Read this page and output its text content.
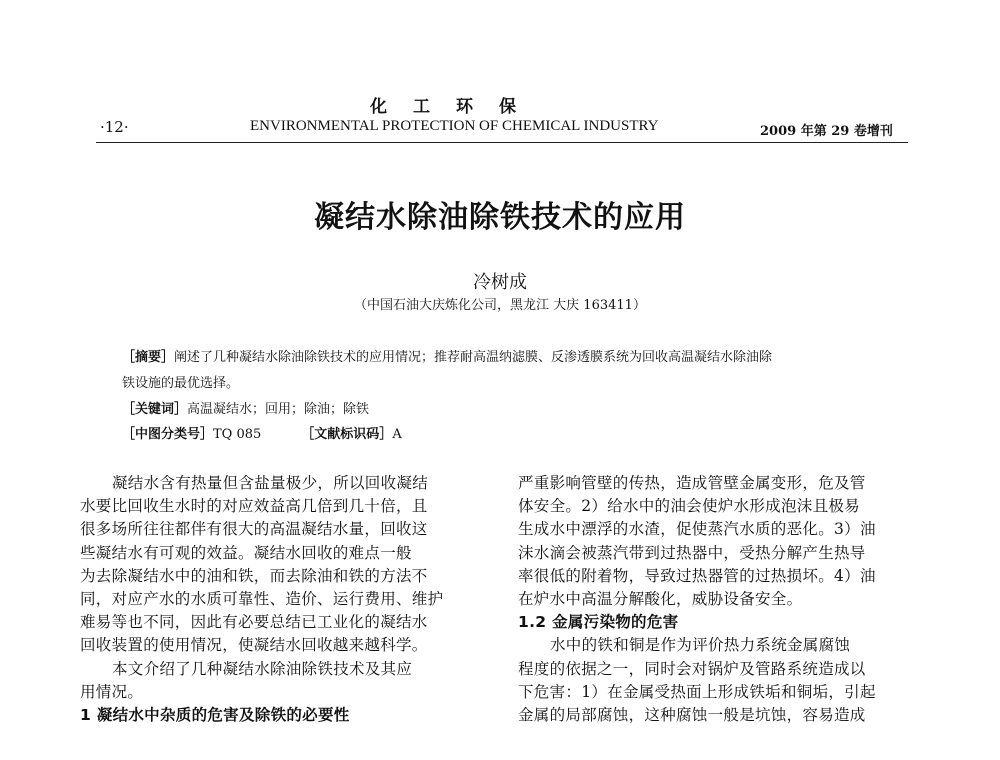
化工环保
·12·	ENVIRONMENTAL PROTECTION OF CHEMICAL INDUSTRY	2009 年第 29 卷增刊
凝结水除油除铁技术的应用
冷树成
（中国石油大庆炼化公司，黑龙江 大庆 163411）
［摘要］阐述了几种凝结水除油除铁技术的应用情况；推荐耐高温纳滤膜、反渗透膜系统为回收高温凝结水除油除
铁设施的最优选择。
［关键词］高温凝结水；回用；除油；除铁
［中图分类号］TQ 085	［文献标识码］A

凝结水含有热量但含盐量极少，所以回收凝结

水要比回收生水时的对应效益高几倍到几十倍，且

很多场所往往都伴有很大的高温凝结水量，回收这

些凝结水有可观的效益。凝结水回收的难点一般

为去除凝结水中的油和铁，而去除油和铁的方法不

同，对应产水的水质可靠性、造价、运行费用、维护

难易等也不同，因此有必要总结已工业化的凝结水

回收装置的使用情况，使凝结水回收越来越科学。

本文介绍了几种凝结水除油除铁技术及其应

用情况。

1 凝结水中杂质的危害及除铁的必要性

严重影响管壁的传热，造成管壁金属变形，危及管

体安全。2）给水中的油会使炉水形成泡沫且极易

生成水中漂浮的水渣，促使蒸汽水质的恶化。3）油

沫水滴会被蒸汽带到过热器中，受热分解产生热导

率很低的附着物，导致过热器管的过热损坏。4）油

在炉水中高温分解酸化，威胁设备安全。

1.2 金属污染物的危害

水中的铁和铜是作为评价热力系统金属腐蚀

程度的依据之一，同时会对锅炉及管路系统造成以

下危害：1）在金属受热面上形成铁垢和铜垢，引起

金属的局部腐蚀，这种腐蚀一般是坑蚀，容易造成
